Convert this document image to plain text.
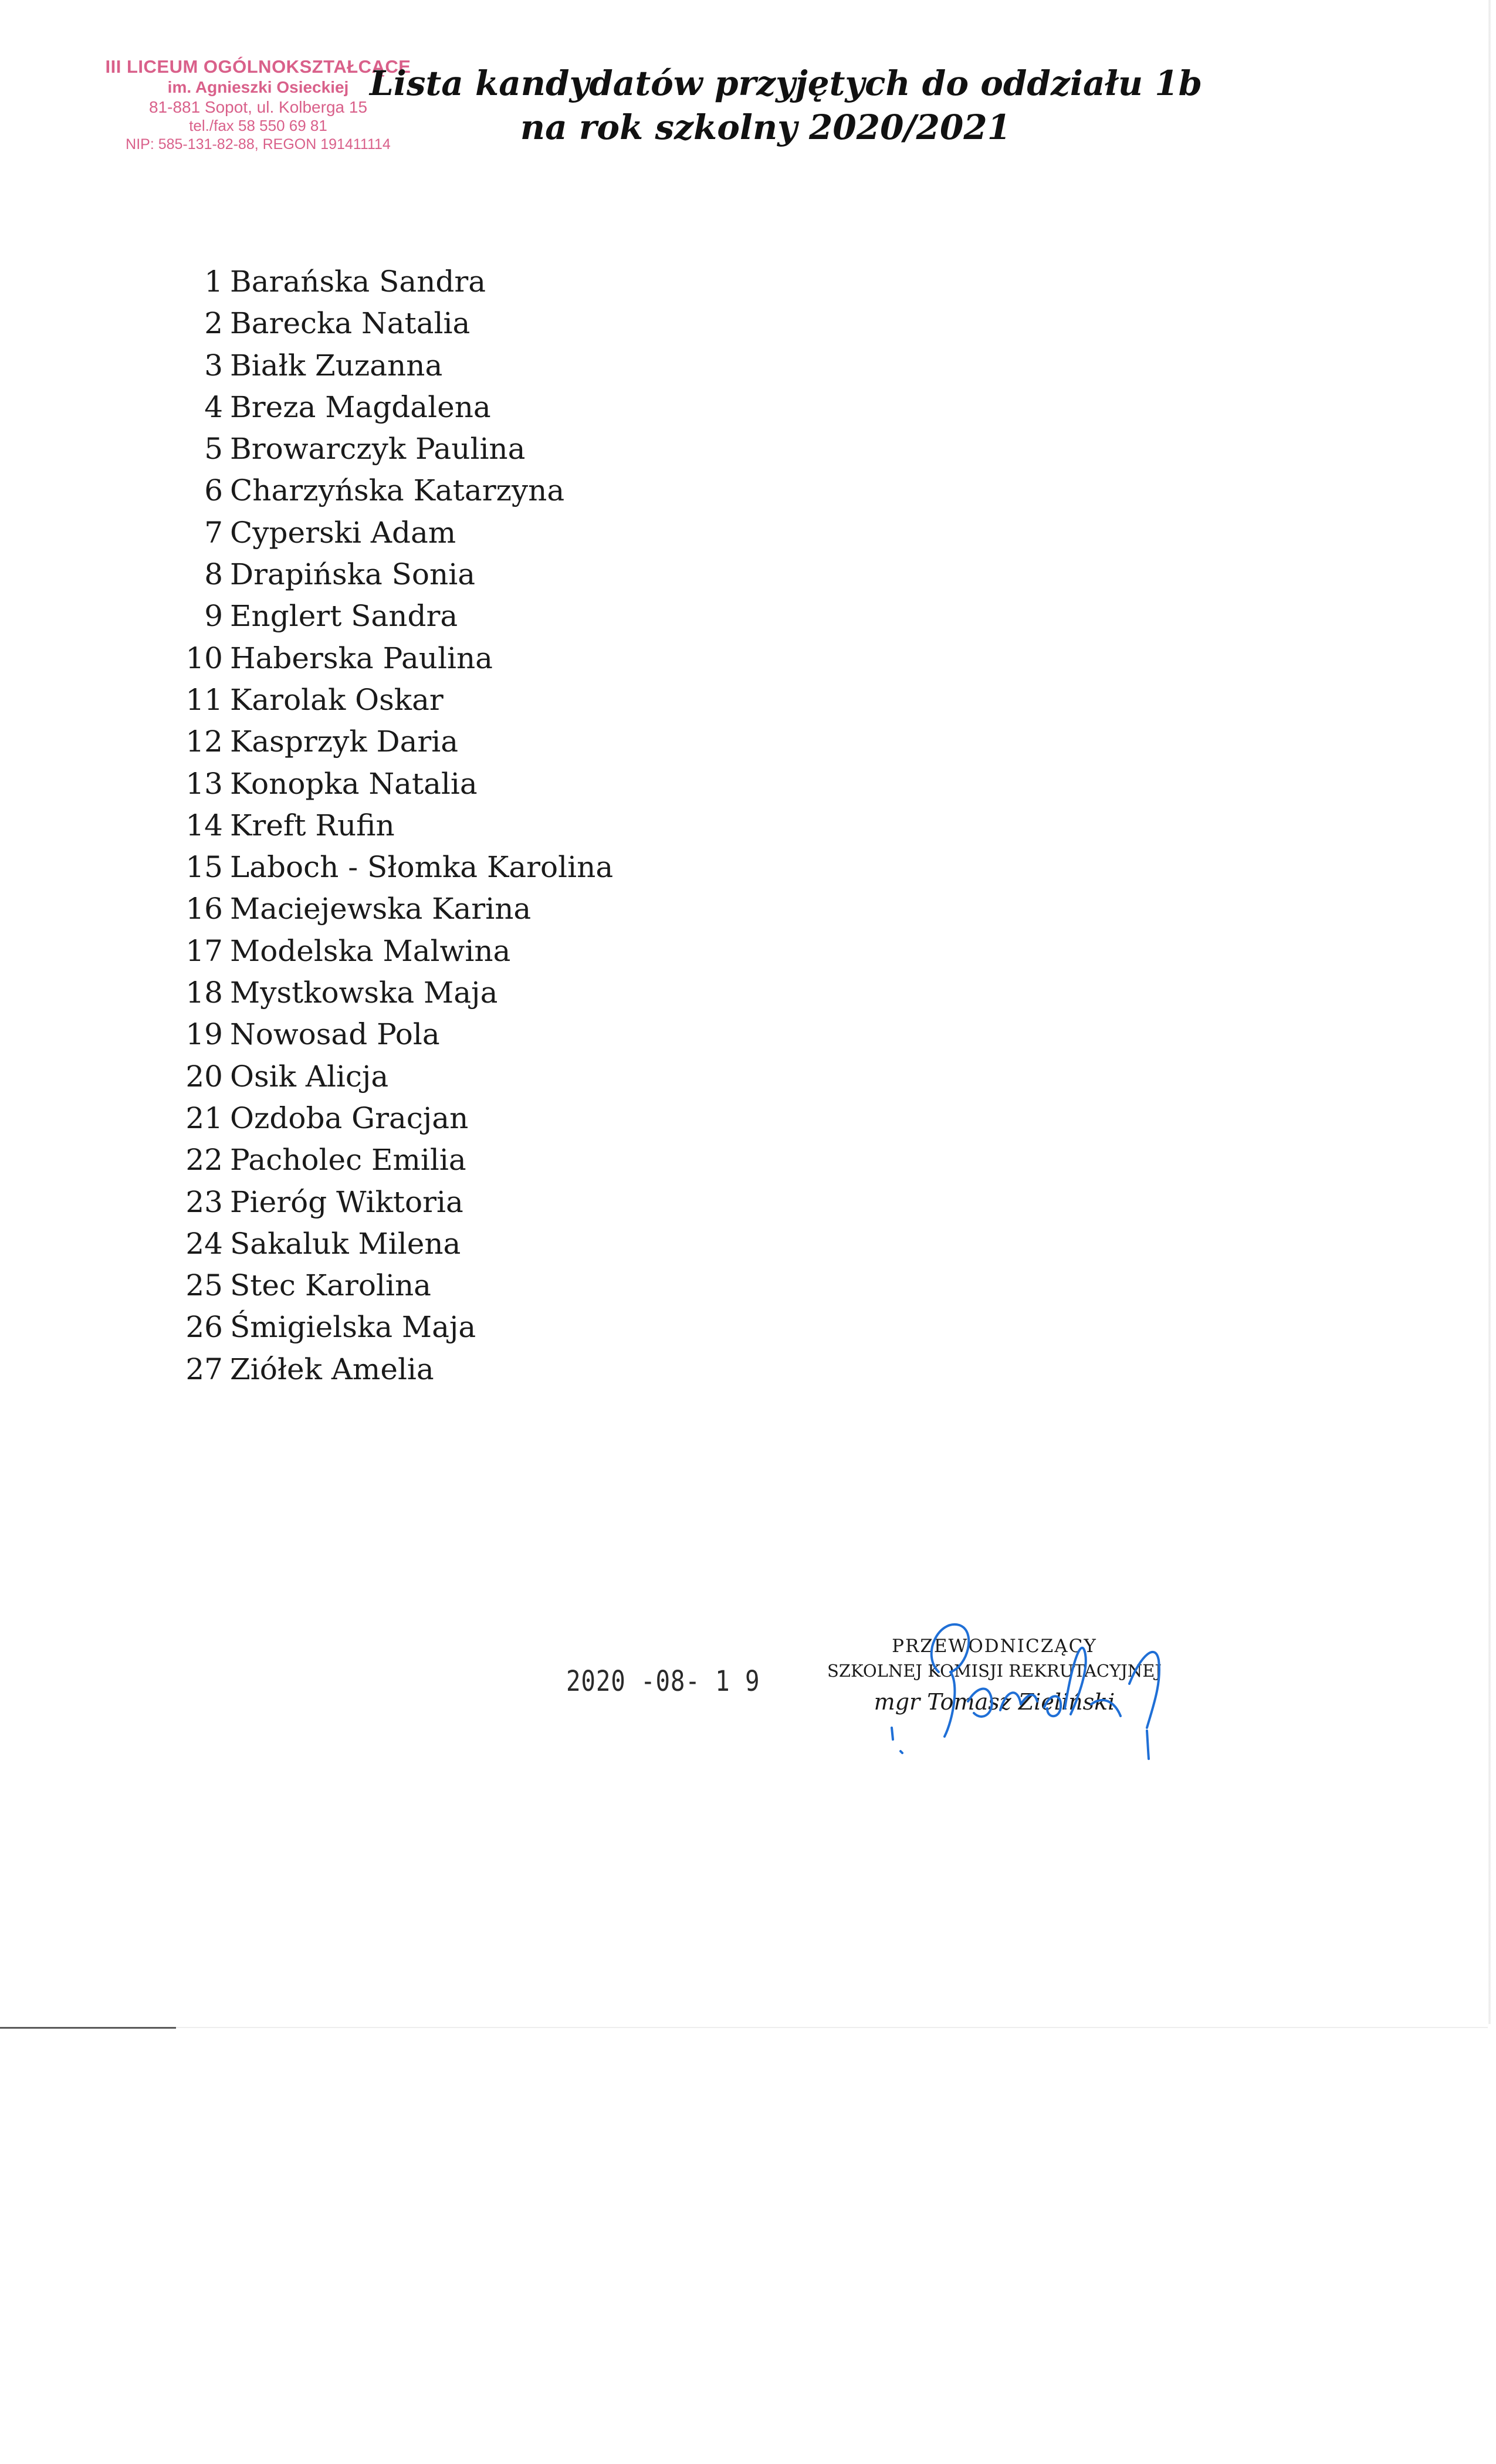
III LICEUM OGÓLNOKSZTAŁCĄCE
im. Agnieszki Osieckiej
81-881 Sopot, ul. Kolberga 15
tel./fax 58 550 69 81
NIP: 585-131-82-88, REGON 191411114
Lista kandydatów przyjętych do oddziału 1b
na rok szkolny 2020/2021
1 Barańska Sandra
2 Barecka Natalia
3 Białk Zuzanna
4 Breza Magdalena
5 Browarczyk Paulina
6 Charzyńska Katarzyna
7 Cyperski Adam
8 Drapińska Sonia
9 Englert Sandra
10 Haberska Paulina
11 Karolak Oskar
12 Kasprzyk Daria
13 Konopka Natalia
14 Kreft Rufin
15 Laboch - Słomka Karolina
16 Maciejewska Karina
17 Modelska Malwina
18 Mystkowska Maja
19 Nowosad Pola
20 Osik Alicja
21 Ozdoba Gracjan
22 Pacholec Emilia
23 Pieróg Wiktoria
24 Sakaluk Milena
25 Stec Karolina
26 Śmigielska Maja
27 Ziółek Amelia
2020 -08- 1 9
PRZEWODNICZĄCY
SZKOLNEJ KOMISJI REKRUTACYJNEJ
mgr Tomasz Zieliński
